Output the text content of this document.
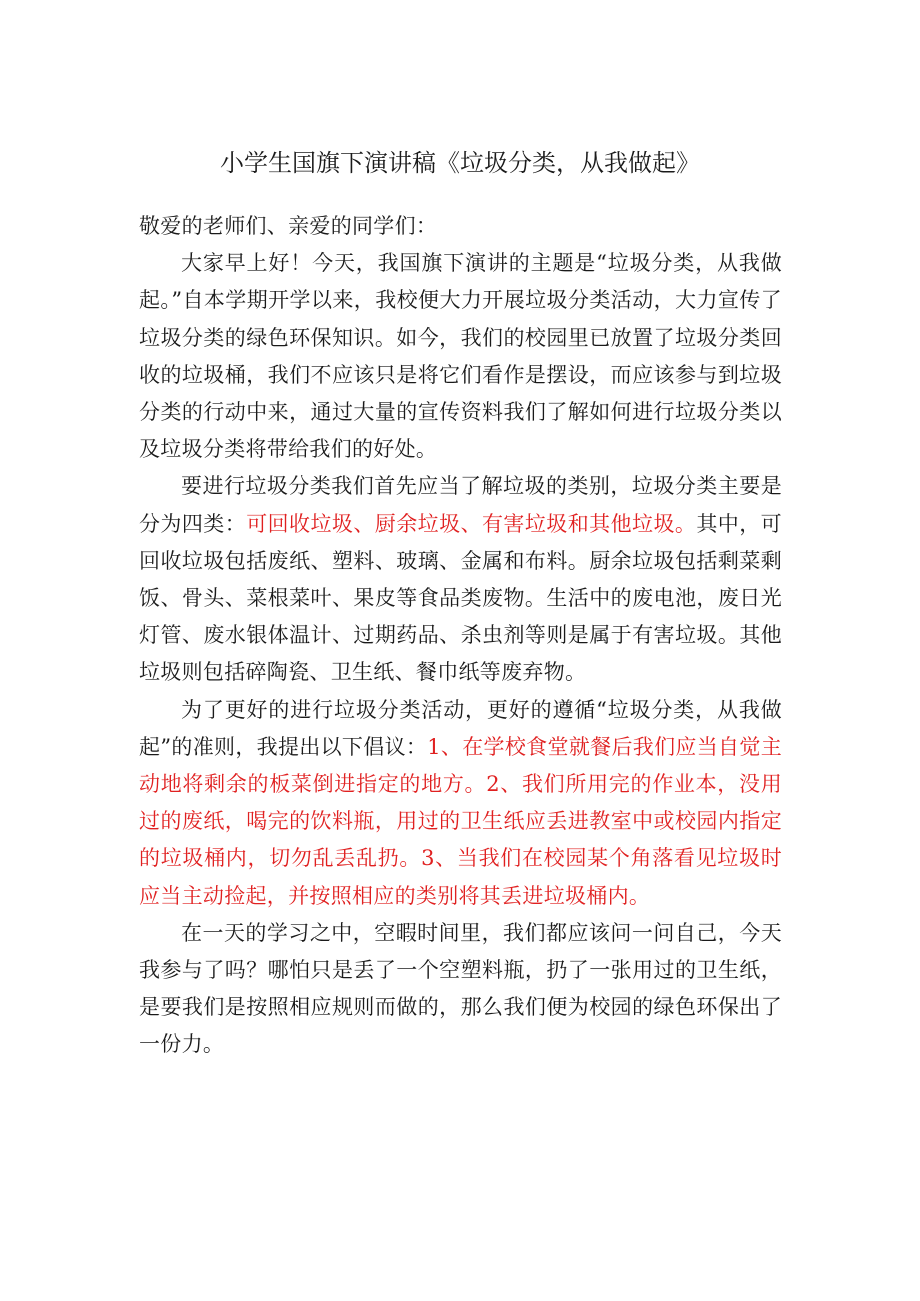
小学生国旗下演讲稿《垃圾分类，从我做起》

敬爱的老师们、亲爱的同学们：

大家早上好！今天，我国旗下演讲的主题是“垃圾分类，从我做起。”自本学期开学以来，我校便大力开展垃圾分类活动，大力宣传了垃圾分类的绿色环保知识。如今，我们的校园里已放置了垃圾分类回收的垃圾桶，我们不应该只是将它们看作是摆设，而应该参与到垃圾分类的行动中来，通过大量的宣传资料我们了解如何进行垃圾分类以及垃圾分类将带给我们的好处。

要进行垃圾分类我们首先应当了解垃圾的类别，垃圾分类主要是分为四类：可回收垃圾、厨余垃圾、有害垃圾和其他垃圾。其中，可回收垃圾包括废纸、塑料、玻璃、金属和布料。厨余垃圾包括剩菜剩饭、骨头、菜根菜叶、果皮等食品类废物。生活中的废电池，废日光灯管、废水银体温计、过期药品、杀虫剂等则是属于有害垃圾。其他垃圾则包括碎陶瓷、卫生纸、餐巾纸等废弃物。

为了更好的进行垃圾分类活动，更好的遵循“垃圾分类，从我做起”的准则，我提出以下倡议：1、在学校食堂就餐后我们应当自觉主动地将剩余的板菜倒进指定的地方。2、我们所用完的作业本，没用过的废纸，喝完的饮料瓶，用过的卫生纸应丢进教室中或校园内指定的垃圾桶内，切勿乱丢乱扔。3、当我们在校园某个角落看见垃圾时应当主动捡起，并按照相应的类别将其丢进垃圾桶内。

在一天的学习之中，空暇时间里，我们都应该问一问自己，今天我参与了吗？哪怕只是丢了一个空塑料瓶，扔了一张用过的卫生纸，是要我们是按照相应规则而做的，那么我们便为校园的绿色环保出了一份力。
